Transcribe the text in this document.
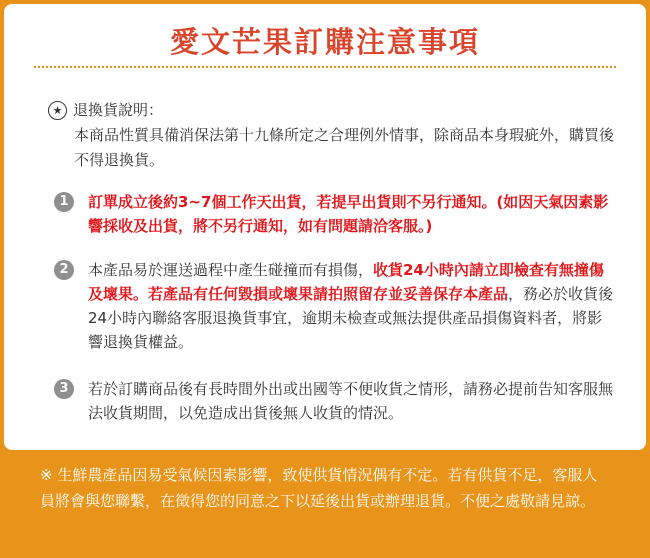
愛文芒果訂購注意事項
★ 退換貨說明：
本商品性質具備消保法第十九條所定之合理例外情事，除商品本身瑕疵外，購買後不得退換貨。
1	訂單成立後約3~7個工作天出貨，若提早出貨則不另行通知。(如因天氣因素影響採收及出貨，將不另行通知，如有問題請洽客服。)
2	本產品易於運送過程中產生碰撞而有損傷，收貨24小時內請立即檢查有無撞傷及壞果。若產品有任何毀損或壞果請拍照留存並妥善保存本產品，務必於收貨後24小時內聯絡客服退換貨事宜，逾期未檢查或無法提供產品損傷資料者，將影響退換貨權益。
3	若於訂購商品後有長時間外出或出國等不便收貨之情形，請務必提前告知客服無法收貨期間，以免造成出貨後無人收貨的情況。
※ 生鮮農產品因易受氣候因素影響，致使供貨情況偶有不定。若有供貨不足，客服人員將會與您聯繫，在徵得您的同意之下以延後出貨或辦理退貨。不便之處敬請見諒。
